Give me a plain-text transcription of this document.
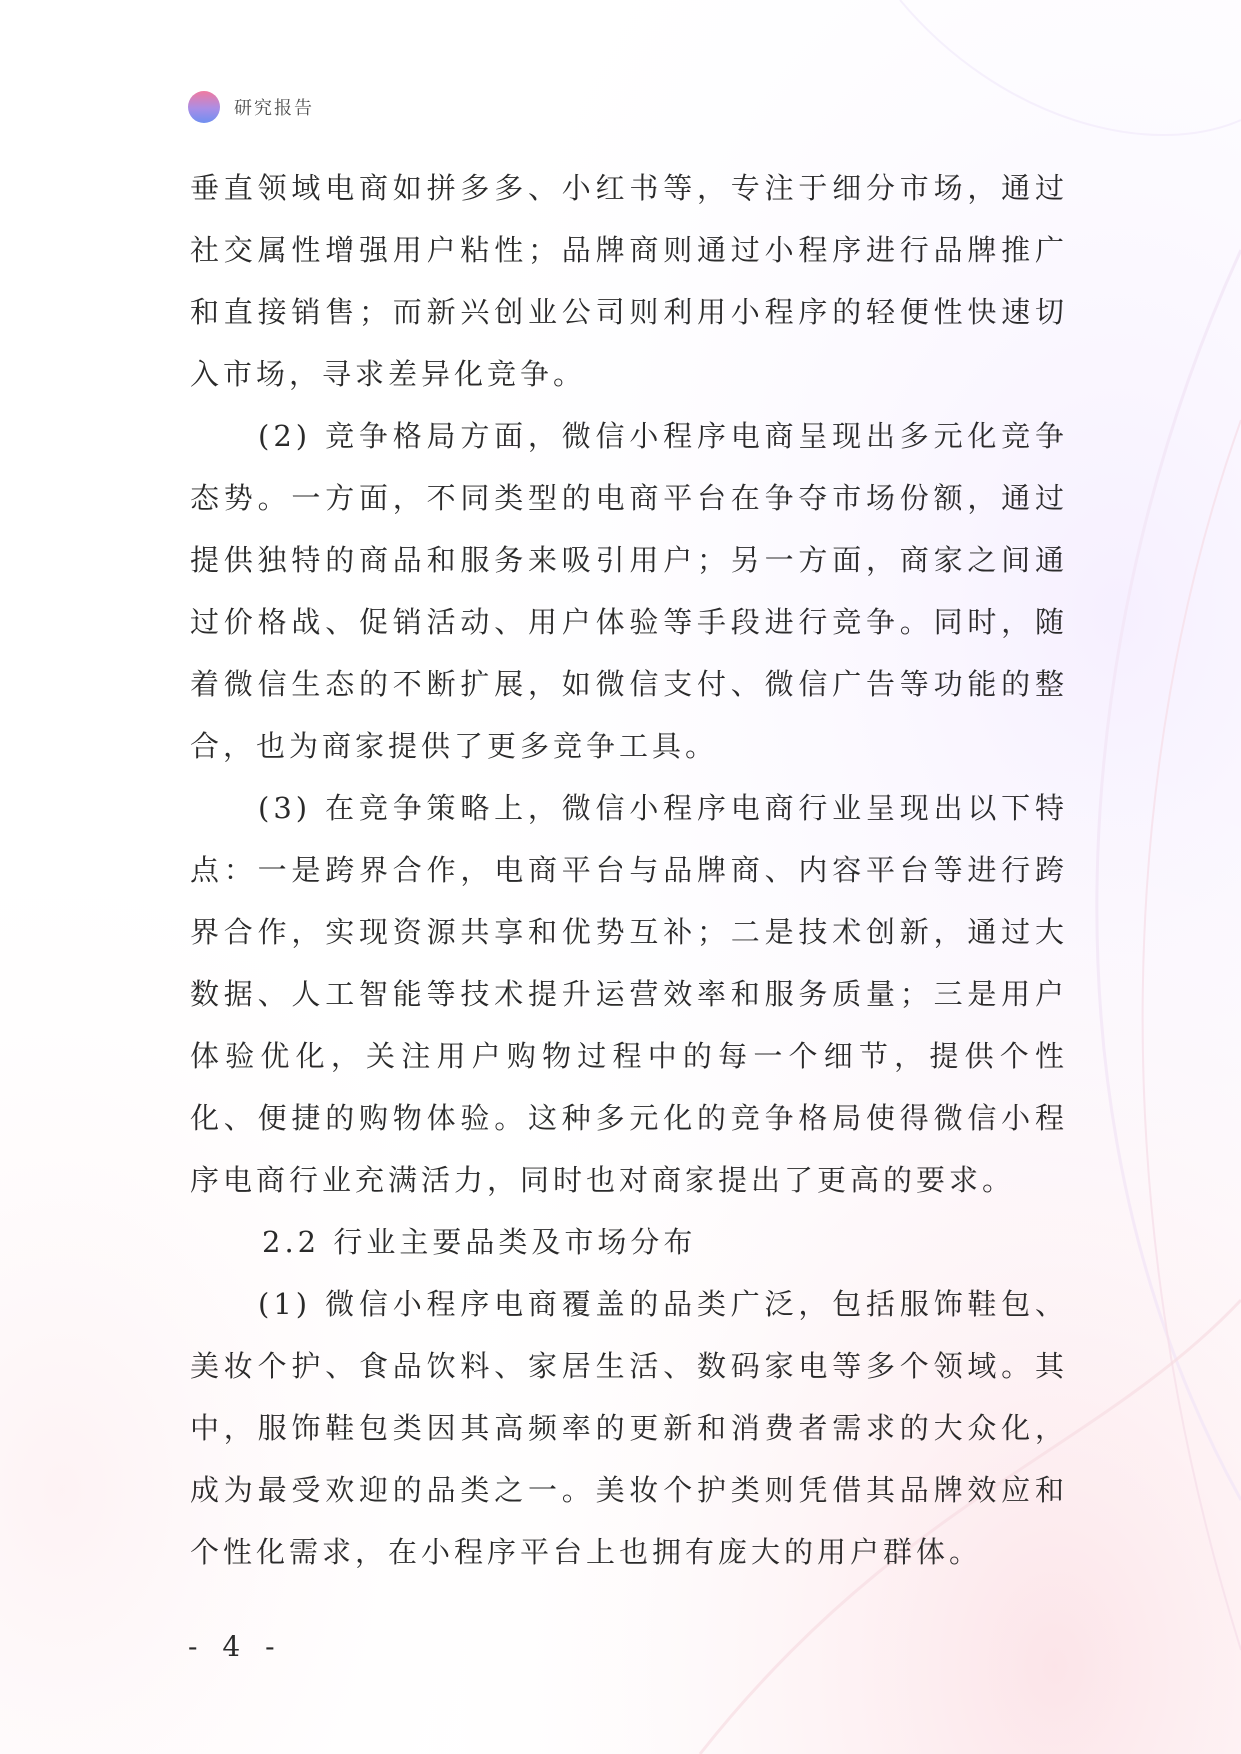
研究报告

垂直领域电商如拼多多、小红书等，专注于细分市场，通过社交属性增强用户粘性；品牌商则通过小程序进行品牌推广和直接销售；而新兴创业公司则利用小程序的轻便性快速切入市场，寻求差异化竞争。

(2) 竞争格局方面，微信小程序电商呈现出多元化竞争态势。一方面，不同类型的电商平台在争夺市场份额，通过提供独特的商品和服务来吸引用户；另一方面，商家之间通过价格战、促销活动、用户体验等手段进行竞争。同时，随着微信生态的不断扩展，如微信支付、微信广告等功能的整合，也为商家提供了更多竞争工具。

(3) 在竞争策略上，微信小程序电商行业呈现出以下特点：一是跨界合作，电商平台与品牌商、内容平台等进行跨界合作，实现资源共享和优势互补；二是技术创新，通过大数据、人工智能等技术提升运营效率和服务质量；三是用户体验优化，关注用户购物过程中的每一个细节，提供个性化、便捷的购物体验。这种多元化的竞争格局使得微信小程序电商行业充满活力，同时也对商家提出了更高的要求。

2.2 行业主要品类及市场分布

(1) 微信小程序电商覆盖的品类广泛，包括服饰鞋包、美妆个护、食品饮料、家居生活、数码家电等多个领域。其中，服饰鞋包类因其高频率的更新和消费者需求的大众化，成为最受欢迎的品类之一。美妆个护类则凭借其品牌效应和个性化需求，在小程序平台上也拥有庞大的用户群体。

- 4 -
